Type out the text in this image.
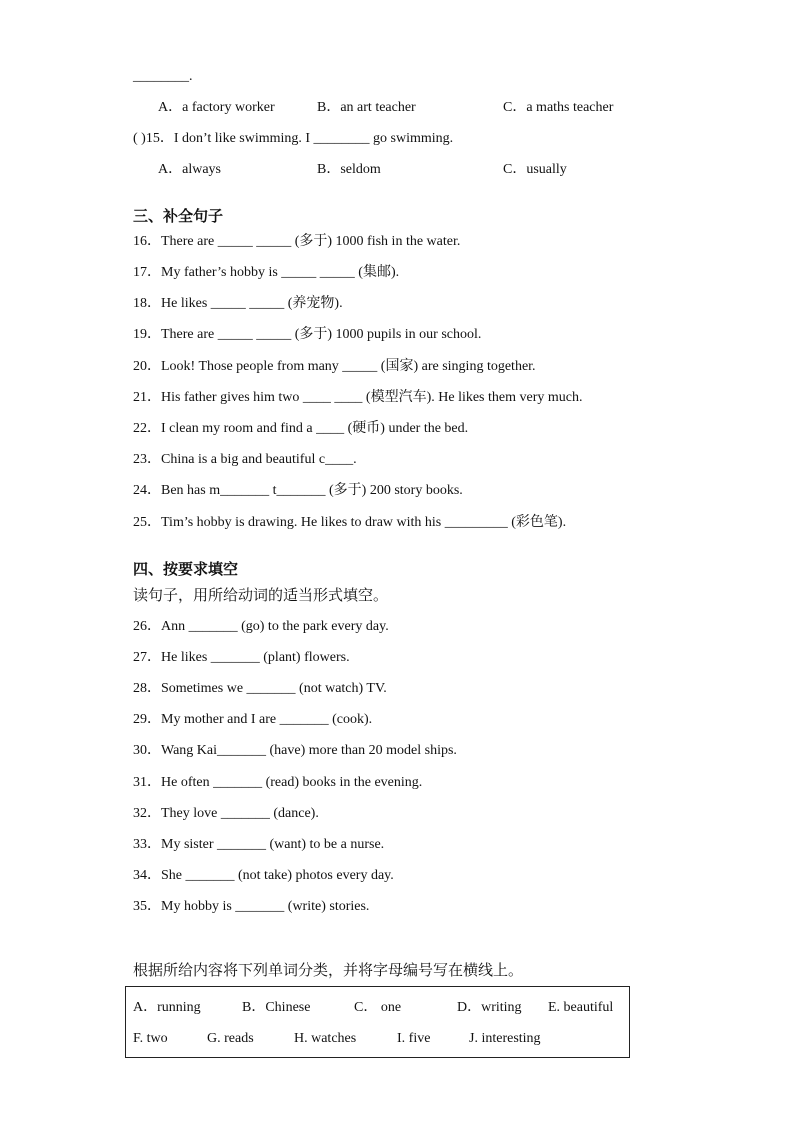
________.
A．a factory worker	B．an art teacher	C．a maths teacher
( )15．I don’t like swimming. I ________ go swimming.
A．always	B．seldom	C．usually
三、补全句子
16．There are _____ _____ (多于) 1000 fish in the water.
17．My father’s hobby is _____ _____ (集邮).
18．He likes _____ _____ (养宠物).
19．There are _____ _____ (多于) 1000 pupils in our school.
20．Look! Those people from many _____ (国家) are singing together.
21．His father gives him two ____ ____ (模型汽车). He likes them very much.
22．I clean my room and find a ____ (硬币) under the bed.
23．China is a big and beautiful c____.
24．Ben has m_______ t_______ (多于) 200 story books.
25．Tim’s hobby is drawing. He likes to draw with his _________ (彩色笔).
四、按要求填空
读句子，用所给动词的适当形式填空。
26．Ann _______ (go) to the park every day.
27．He likes _______ (plant) flowers.
28．Sometimes we _______ (not watch) TV.
29．My mother and I are _______ (cook).
30．Wang Kai_______ (have) more than 20 model ships.
31．He often _______ (read) books in the evening.
32．They love _______ (dance).
33．My sister _______ (want) to be a nurse.
34．She _______ (not take) photos every day.
35．My hobby is _______ (write) stories.
根据所给内容将下列单词分类，并将字母编号写在横线上。
A．running	B．Chinese	C． one	D．writing E. beautiful
F. two	G. reads	H. watches	I. five	J. interesting
